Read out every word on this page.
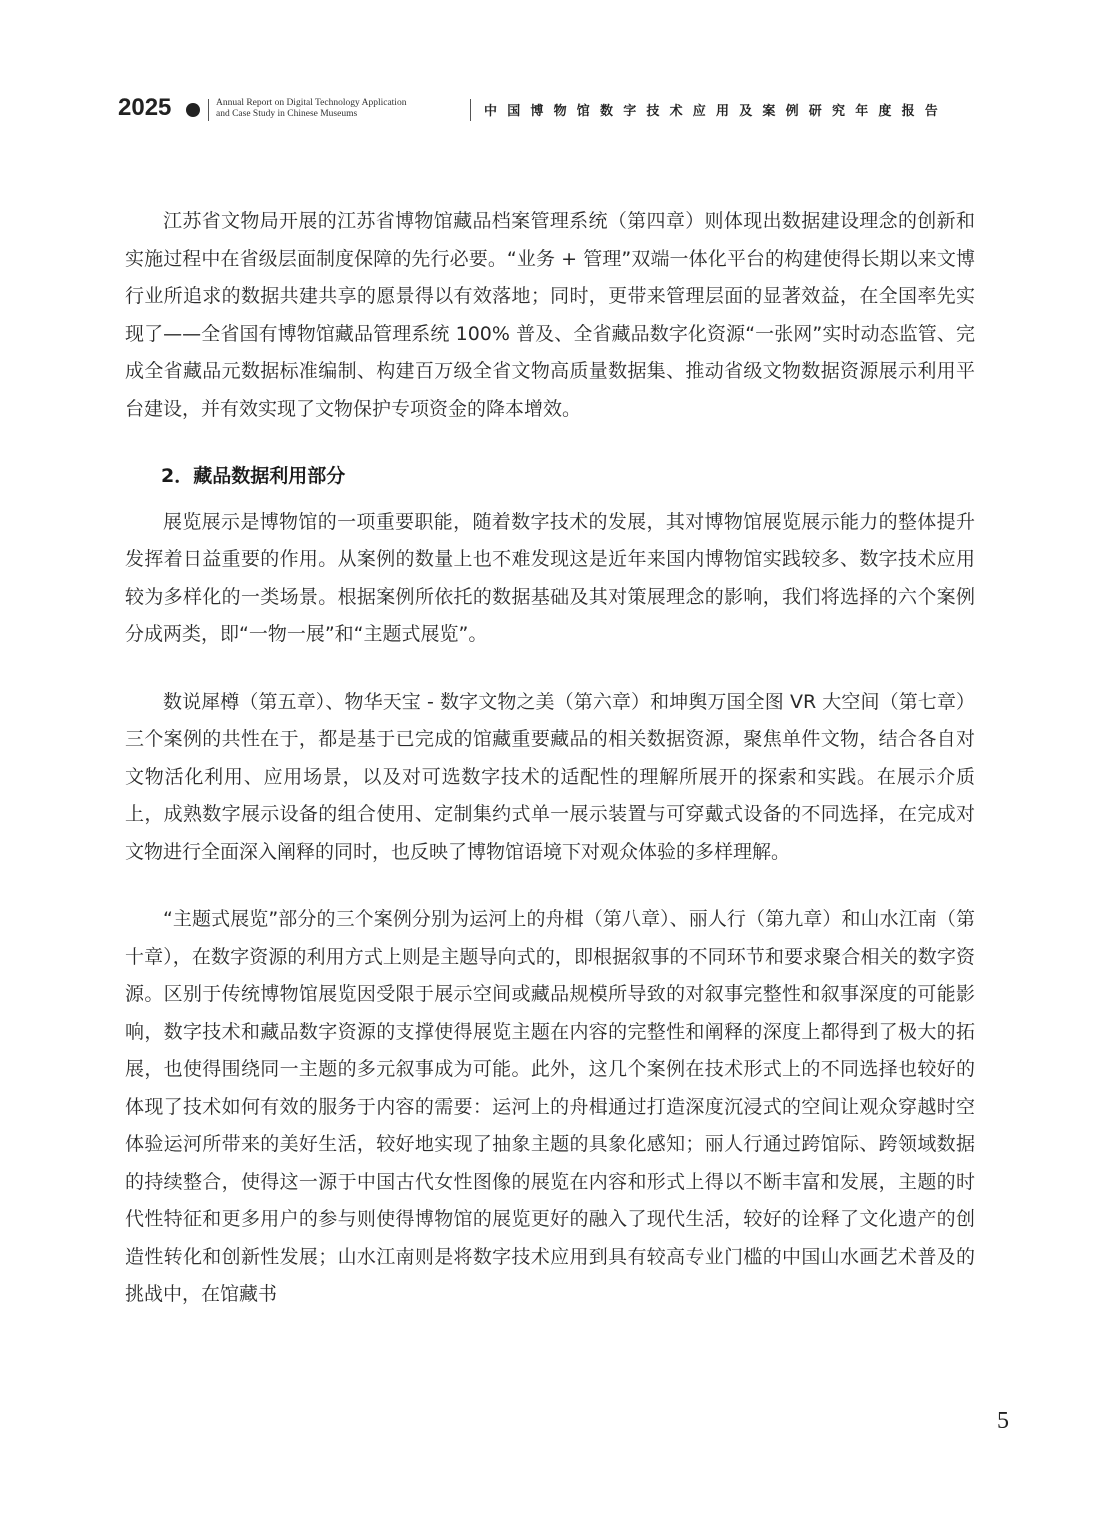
2025	Annual Report on Digital Technology Application
and Case Study in Chinese Museums	中国博物馆数字技术应用及案例研究年度报告

江苏省文物局开展的江苏省博物馆藏品档案管理系统（第四章）则体现出数据建设理念的创新和实施过程中在省级层面制度保障的先行必要。“业务 + 管理”双端一体化平台的构建使得长期以来文博行业所追求的数据共建共享的愿景得以有效落地；同时，更带来管理层面的显著效益，在全国率先实现了——全省国有博物馆藏品管理系统 100% 普及、全省藏品数字化资源“一张网”实时动态监管、完成全省藏品元数据标准编制、构建百万级全省文物高质量数据集、推动省级文物数据资源展示利用平台建设，并有效实现了文物保护专项资金的降本增效。

2．藏品数据利用部分

展览展示是博物馆的一项重要职能，随着数字技术的发展，其对博物馆展览展示能力的整体提升发挥着日益重要的作用。从案例的数量上也不难发现这是近年来国内博物馆实践较多、数字技术应用较为多样化的一类场景。根据案例所依托的数据基础及其对策展理念的影响，我们将选择的六个案例分成两类，即“一物一展”和“主题式展览”。

数说犀樽（第五章）、物华天宝 - 数字文物之美（第六章）和坤舆万国全图 VR 大空间（第七章）三个案例的共性在于，都是基于已完成的馆藏重要藏品的相关数据资源，聚焦单件文物，结合各自对文物活化利用、应用场景，以及对可选数字技术的适配性的理解所展开的探索和实践。在展示介质上，成熟数字展示设备的组合使用、定制集约式单一展示装置与可穿戴式设备的不同选择，在完成对文物进行全面深入阐释的同时，也反映了博物馆语境下对观众体验的多样理解。

“主题式展览”部分的三个案例分别为运河上的舟楫（第八章）、丽人行（第九章）和山水江南（第十章），在数字资源的利用方式上则是主题导向式的，即根据叙事的不同环节和要求聚合相关的数字资源。区别于传统博物馆展览因受限于展示空间或藏品规模所导致的对叙事完整性和叙事深度的可能影响，数字技术和藏品数字资源的支撑使得展览主题在内容的完整性和阐释的深度上都得到了极大的拓展，也使得围绕同一主题的多元叙事成为可能。此外，这几个案例在技术形式上的不同选择也较好的体现了技术如何有效的服务于内容的需要：运河上的舟楫通过打造深度沉浸式的空间让观众穿越时空体验运河所带来的美好生活，较好地实现了抽象主题的具象化感知；丽人行通过跨馆际、跨领域数据的持续整合，使得这一源于中国古代女性图像的展览在内容和形式上得以不断丰富和发展，主题的时代性特征和更多用户的参与则使得博物馆的展览更好的融入了现代生活，较好的诠释了文化遗产的创造性转化和创新性发展；山水江南则是将数字技术应用到具有较高专业门槛的中国山水画艺术普及的挑战中，在馆藏书

5
